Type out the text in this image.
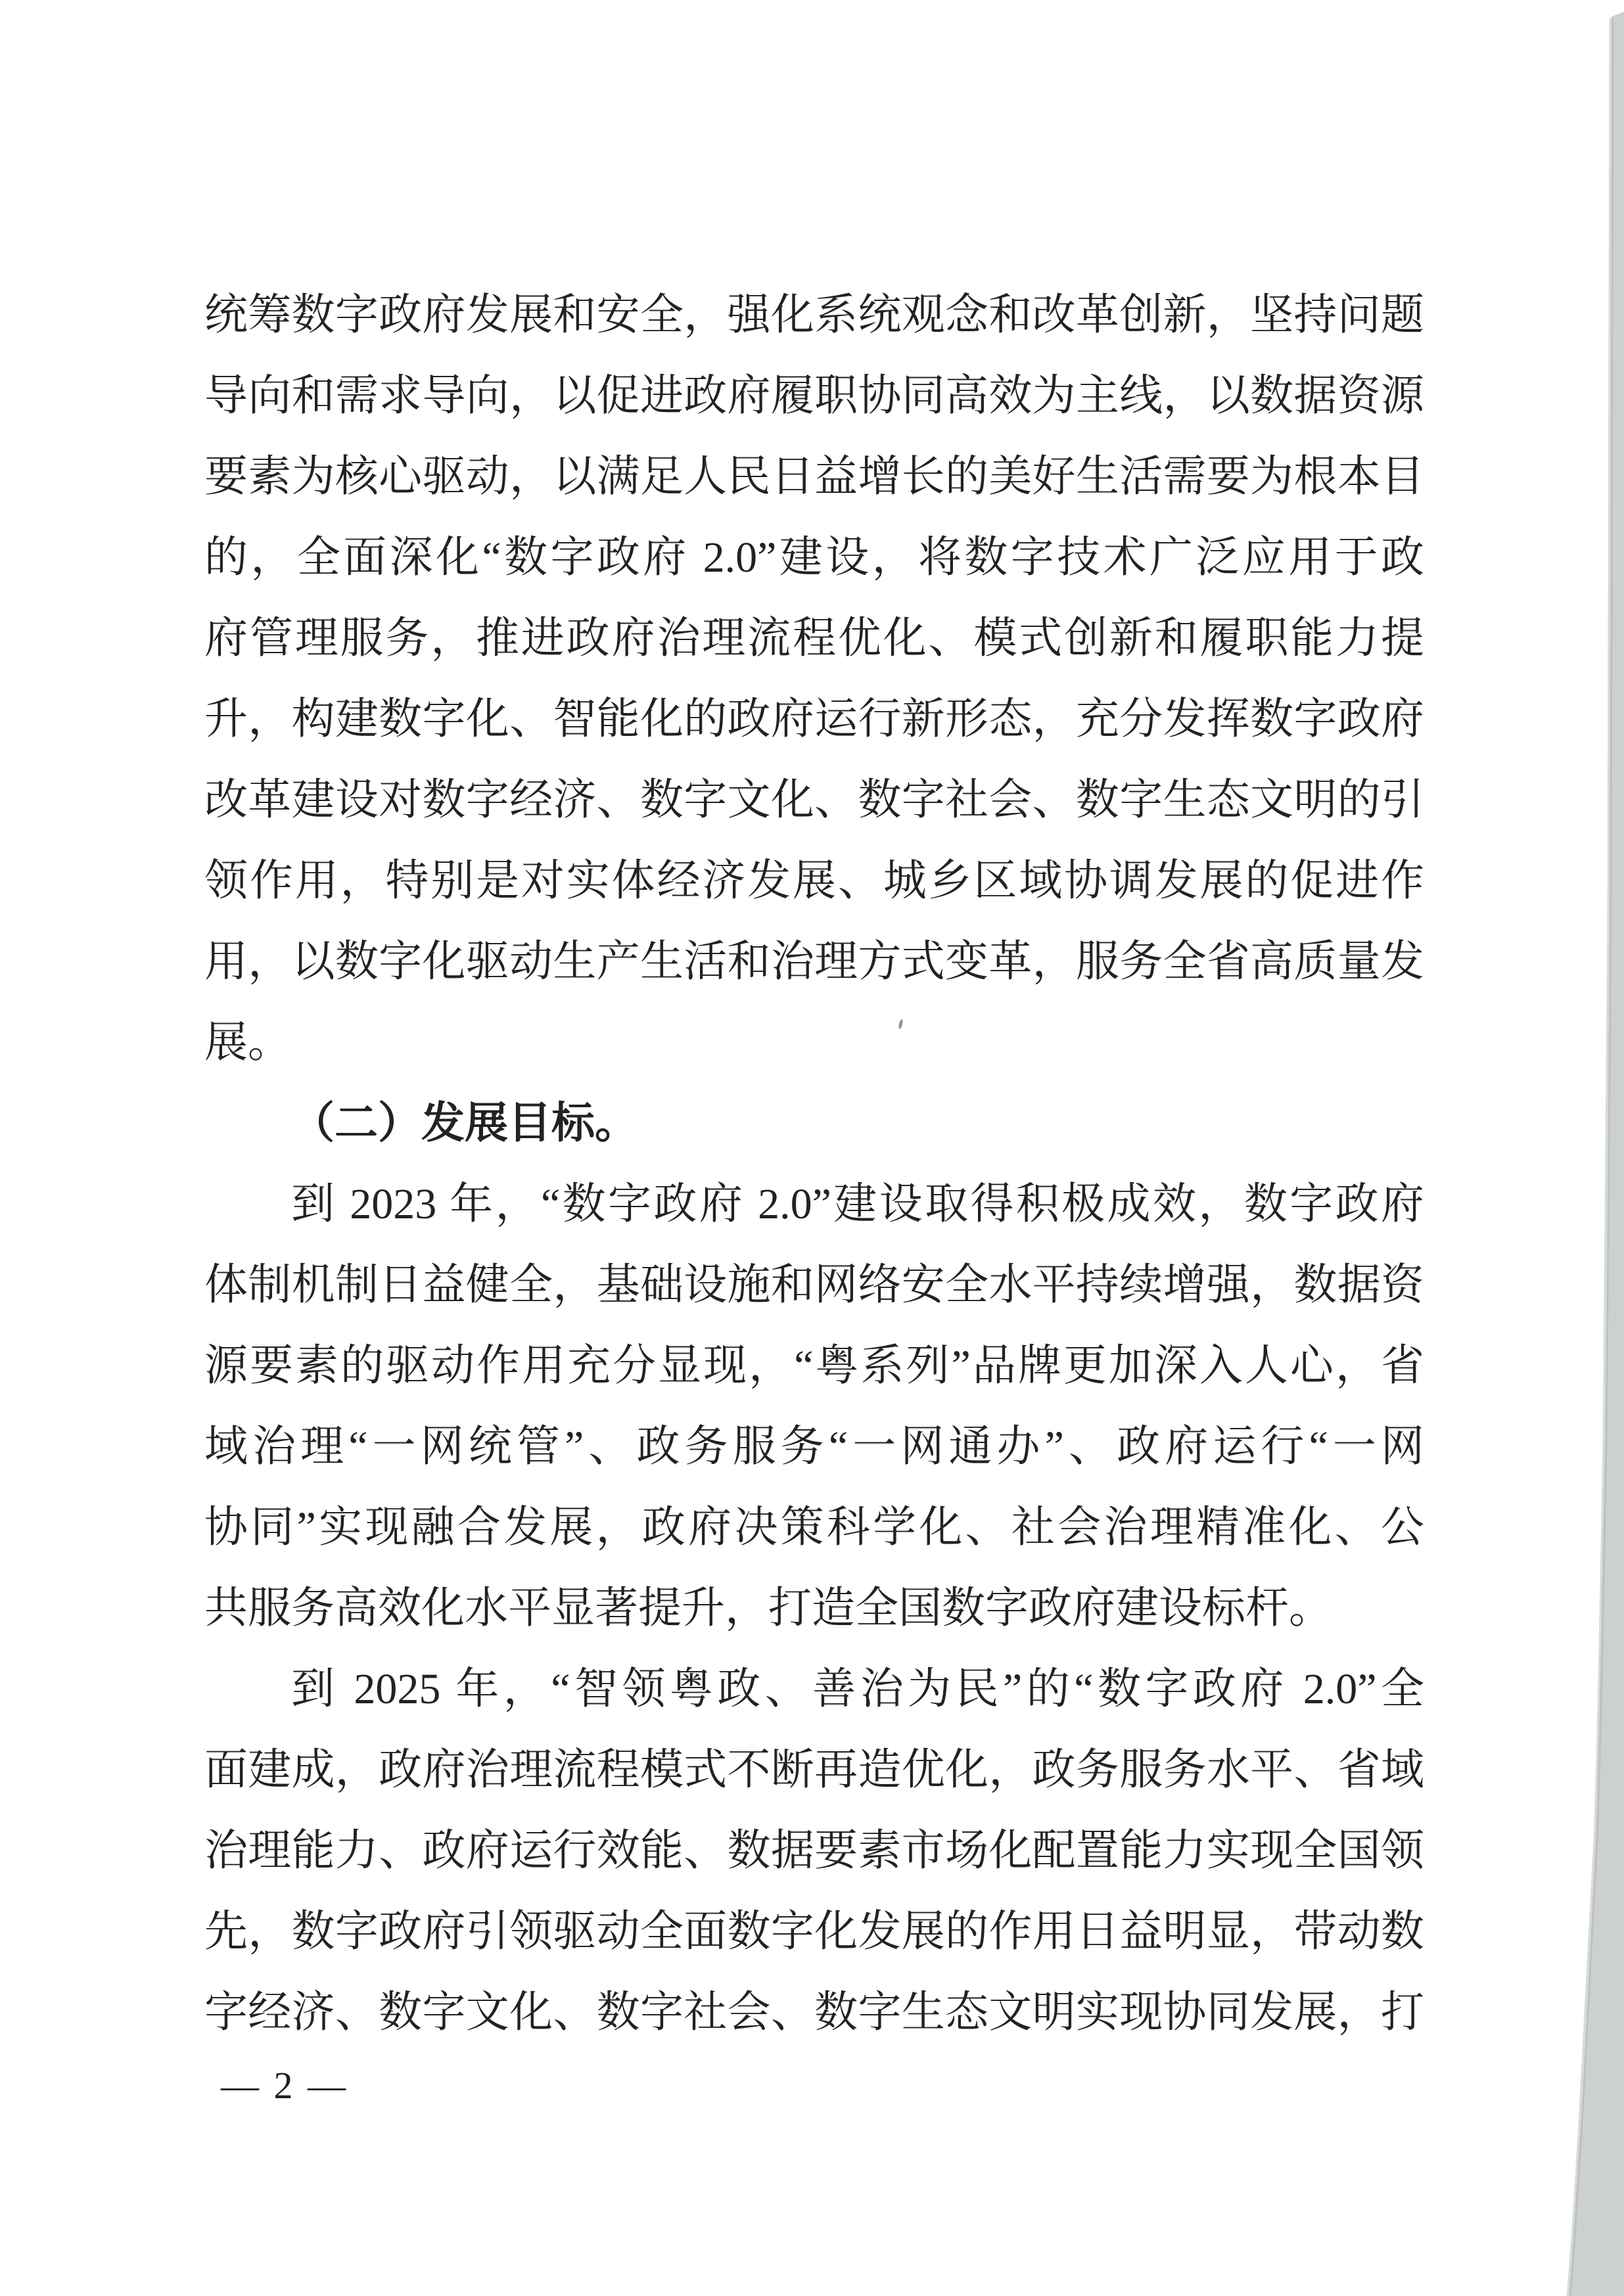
统筹数字政府发展和安全，强化系统观念和改革创新，坚持问题
导向和需求导向，以促进政府履职协同高效为主线，以数据资源
要素为核心驱动，以满足人民日益增长的美好生活需要为根本目
的，全面深化“数字政府 2.0”建设，将数字技术广泛应用于政
府管理服务，推进政府治理流程优化、模式创新和履职能力提
升，构建数字化、智能化的政府运行新形态，充分发挥数字政府
改革建设对数字经济、数字文化、数字社会、数字生态文明的引
领作用，特别是对实体经济发展、城乡区域协调发展的促进作
用，以数字化驱动生产生活和治理方式变革，服务全省高质量发
展。
（二）发展目标。
到 2023 年，“数字政府 2.0”建设取得积极成效，数字政府
体制机制日益健全，基础设施和网络安全水平持续增强，数据资
源要素的驱动作用充分显现，“粤系列”品牌更加深入人心，省
域治理“一网统管”、政务服务“一网通办”、政府运行“一网
协同”实现融合发展，政府决策科学化、社会治理精准化、公
共服务高效化水平显著提升，打造全国数字政府建设标杆。
到 2025 年，“智领粤政、善治为民”的“数字政府 2.0”全
面建成，政府治理流程模式不断再造优化，政务服务水平、省域
治理能力、政府运行效能、数据要素市场化配置能力实现全国领
先，数字政府引领驱动全面数字化发展的作用日益明显，带动数
字经济、数字文化、数字社会、数字生态文明实现协同发展，打
— 2 —
